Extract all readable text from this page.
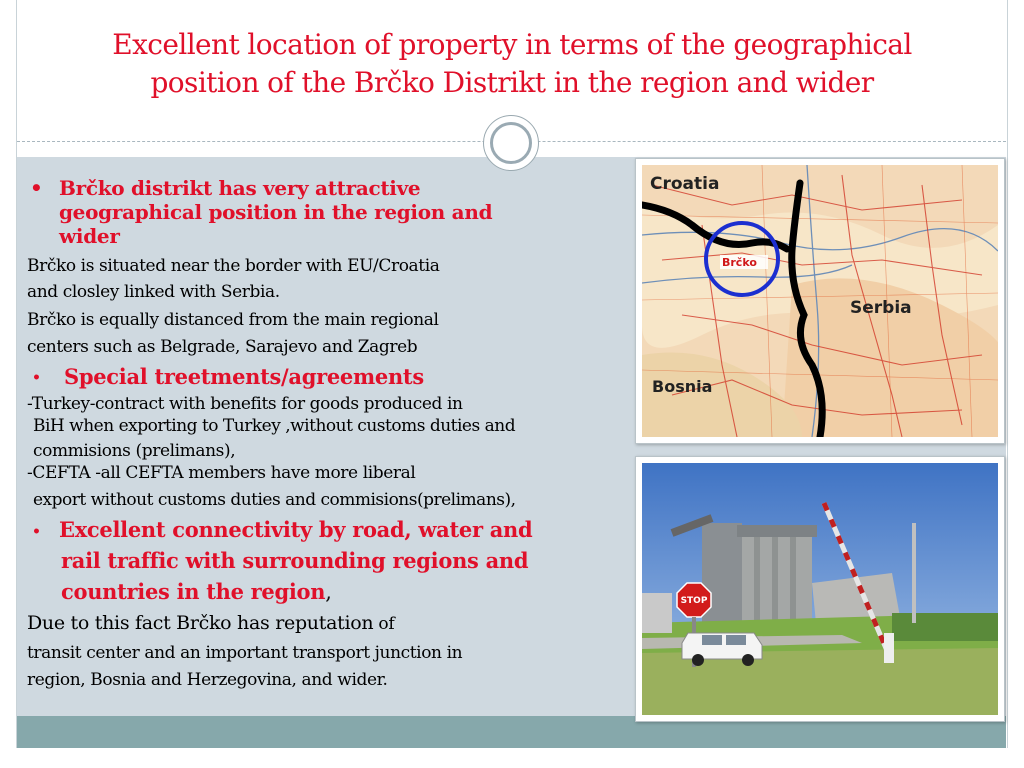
Excellent location of property in terms of the geographical
position of the Brčko Distrikt in the region and wider
• Brčko distrikt has very attractive
geographical position in the region and
wider
Brčko is situated near the border with EU/Croatia
and closley linked with Serbia.
Brčko is equally distanced from the main regional
centers such as Belgrade, Sarajevo and Zagreb
• Special treetments/agreements
-Turkey-contract with benefits for goods produced in
BiH when exporting to Turkey ,without customs duties and
commisions (prelimans),
-CEFTA -all CEFTA members have more liberal
export without customs duties and commisions(prelimans),
• Excellent connectivity by road, water and
rail traffic with surrounding regions and
countries in the region,
Due to this fact Brčko has reputation of
transit center and an important transport junction in
region, Bosnia and Herzegovina, and wider.
Croatia
Serbia
Bosnia
Brčko
STOP
